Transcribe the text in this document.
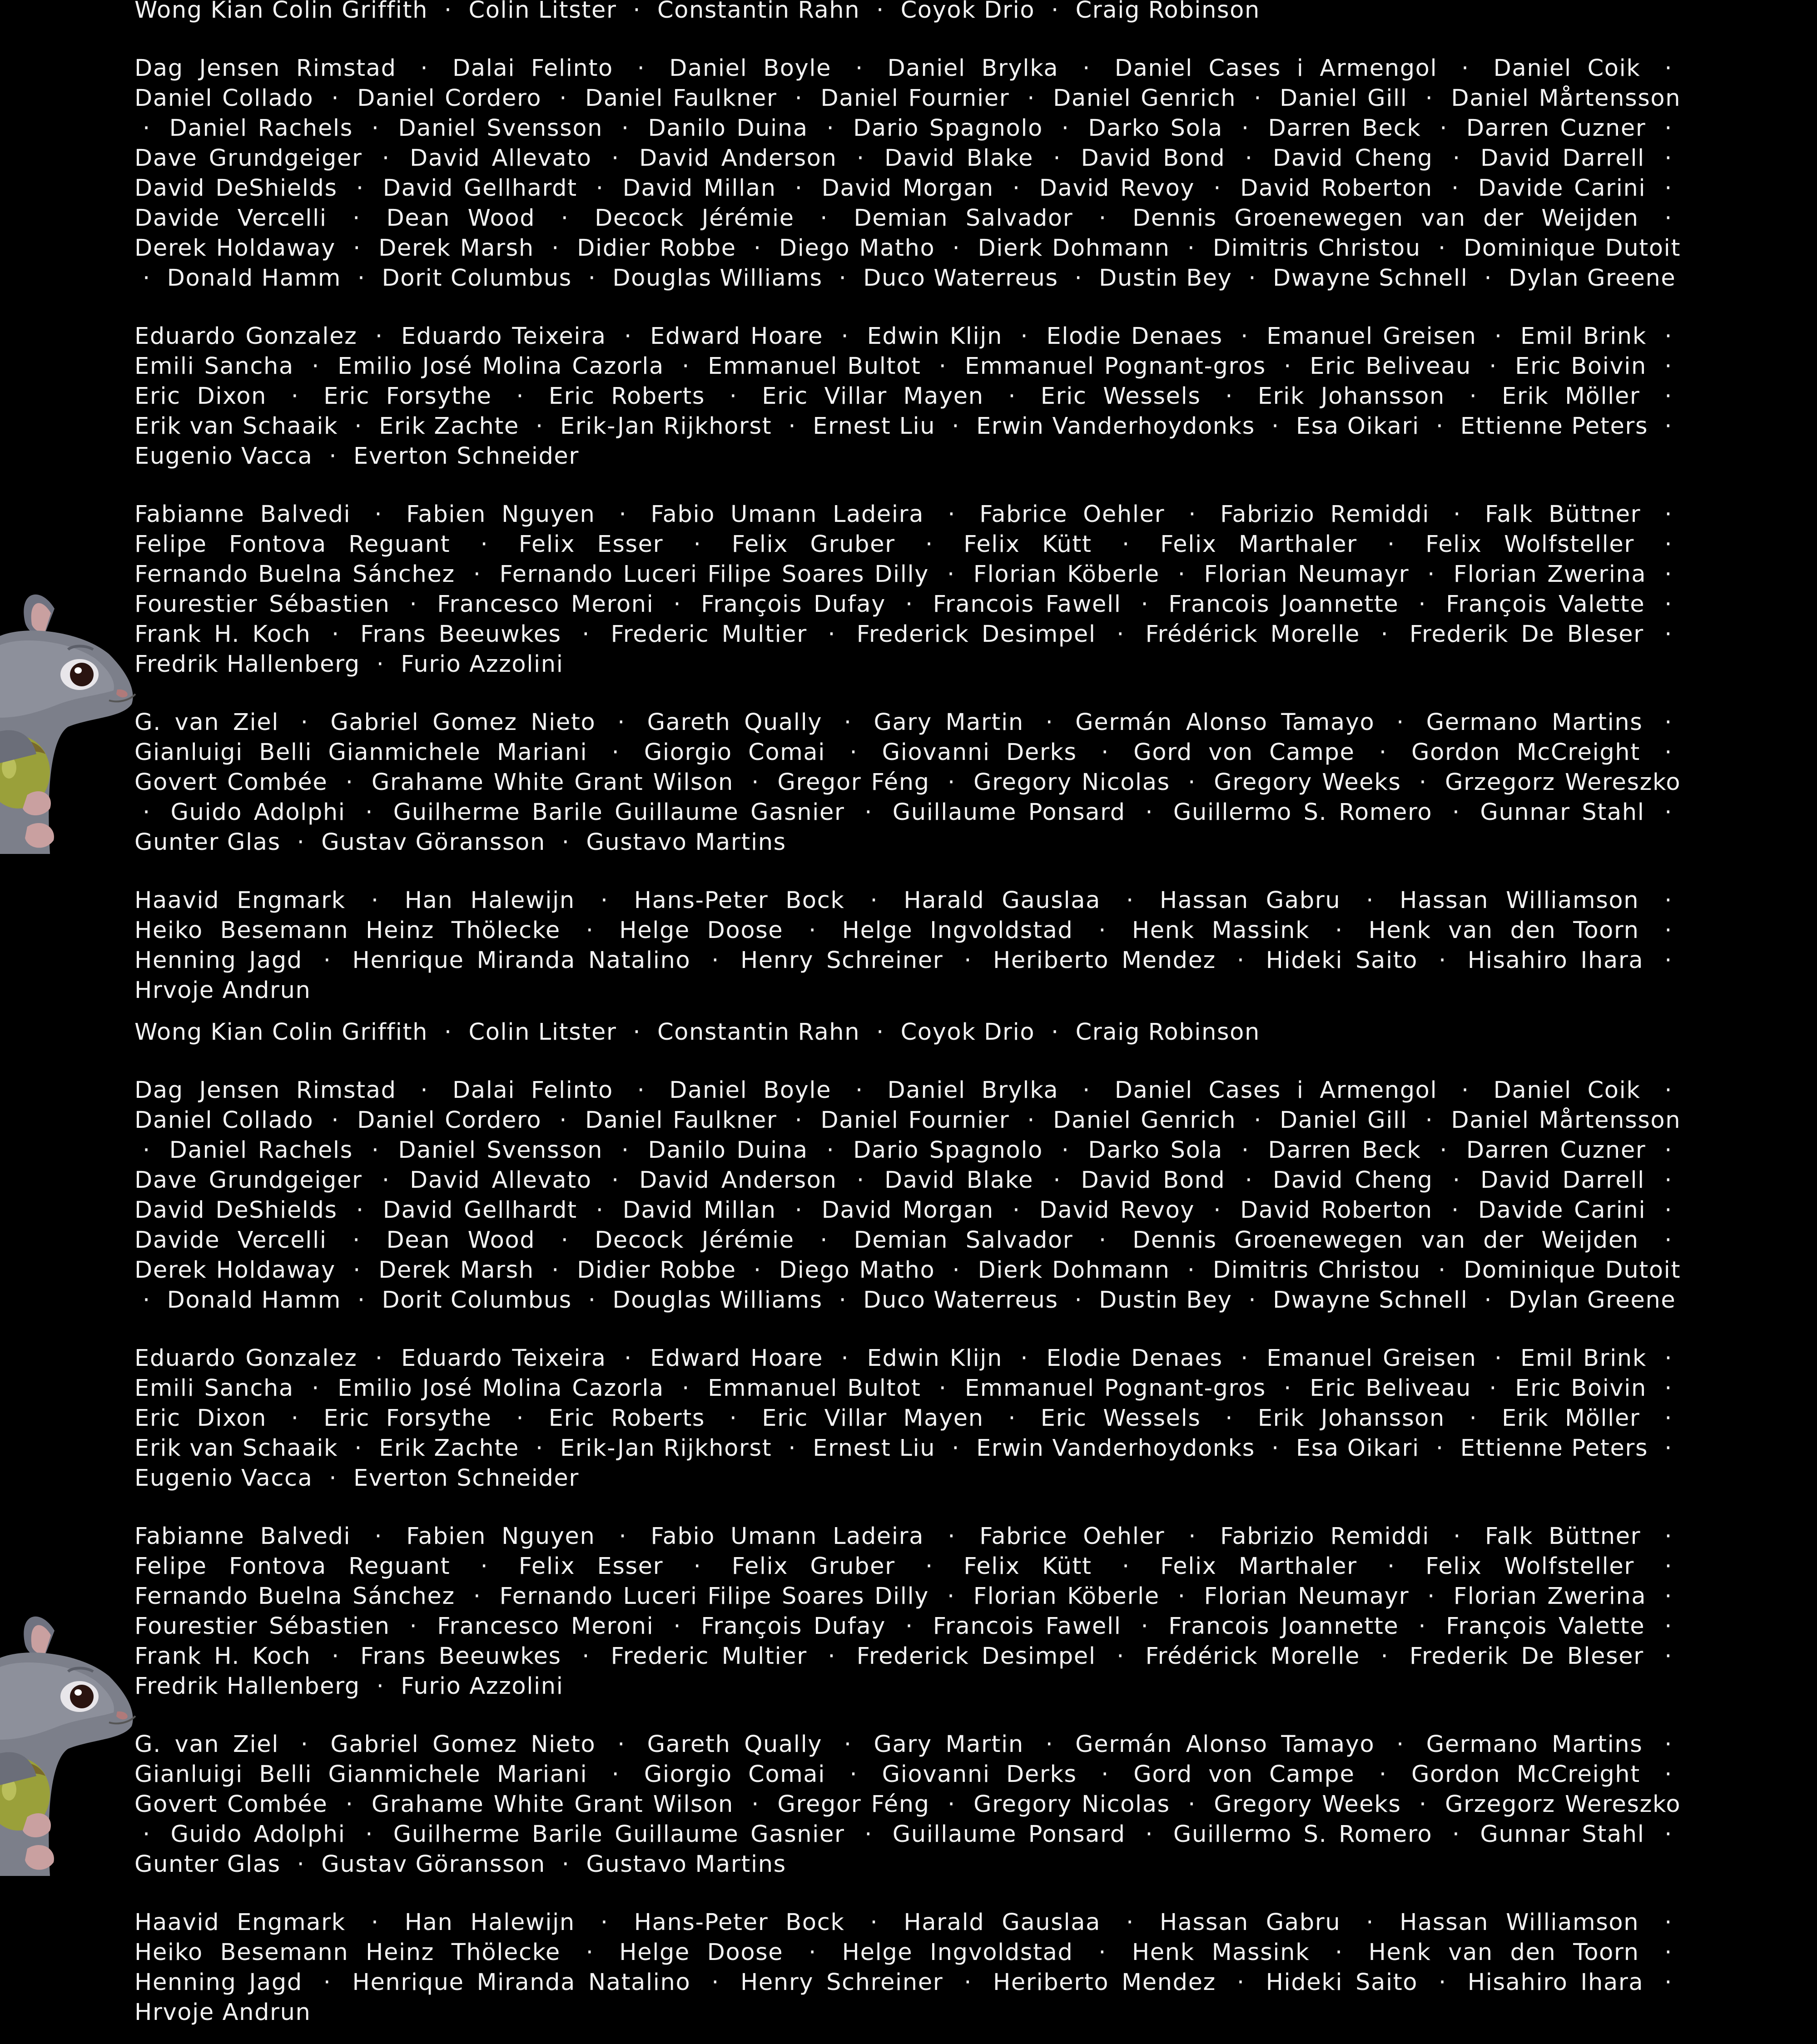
Wong Kian Colin Griffith · Colin Litster · Constantin Rahn · Coyok Drio · Craig Robinson

Dag Jensen Rimstad · Dalai Felinto · Daniel Boyle · Daniel Brylka · Daniel Cases i Armengol · Daniel Coik · Daniel Collado · Daniel Cordero · Daniel Faulkner · Daniel Fournier · Daniel Genrich · Daniel Gill · Daniel Mårtensson · Daniel Rachels · Daniel Svensson · Danilo Duina · Dario Spagnolo · Darko Sola · Darren Beck · Darren Cuzner · Dave Grundgeiger · David Allevato · David Anderson · David Blake · David Bond · David Cheng · David Darrell · David DeShields · David Gellhardt · David Millan · David Morgan · David Revoy · David Roberton · Davide Carini · Davide Vercelli · Dean Wood · Decock Jérémie · Demian Salvador · Dennis Groenewegen van der Weijden · Derek Holdaway · Derek Marsh · Didier Robbe · Diego Matho · Dierk Dohmann · Dimitris Christou · Dominique Dutoit · Donald Hamm · Dorit Columbus · Douglas Williams · Duco Waterreus · Dustin Bey · Dwayne Schnell · Dylan Greene

Eduardo Gonzalez · Eduardo Teixeira · Edward Hoare · Edwin Klijn · Elodie Denaes · Emanuel Greisen · Emil Brink · Emili Sancha · Emilio José Molina Cazorla · Emmanuel Bultot · Emmanuel Pognant-gros · Eric Beliveau · Eric Boivin · Eric Dixon · Eric Forsythe · Eric Roberts · Eric Villar Mayen · Eric Wessels · Erik Johansson · Erik Möller · Erik van Schaaik · Erik Zachte · Erik-Jan Rijkhorst · Ernest Liu · Erwin Vanderhoydonks · Esa Oikari · Ettienne Peters · Eugenio Vacca · Everton Schneider

Fabianne Balvedi · Fabien Nguyen · Fabio Umann Ladeira · Fabrice Oehler · Fabrizio Remiddi · Falk Büttner · Felipe Fontova Reguant · Felix Esser · Felix Gruber · Felix Kütt · Felix Marthaler · Felix Wolfsteller · Fernando Buelna Sánchez · Fernando Luceri Filipe Soares Dilly · Florian Köberle · Florian Neumayr · Florian Zwerina · Fourestier Sébastien · Francesco Meroni · François Dufay · Francois Fawell · Francois Joannette · François Valette · Frank H. Koch · Frans Beeuwkes · Frederic Multier · Frederick Desimpel · Frédérick Morelle · Frederik De Bleser · Fredrik Hallenberg · Furio Azzolini

G. van Ziel · Gabriel Gomez Nieto · Gareth Qually · Gary Martin · Germán Alonso Tamayo · Germano Martins · Gianluigi Belli Gianmichele Mariani · Giorgio Comai · Giovanni Derks · Gord von Campe · Gordon McCreight · Govert Combée · Grahame White Grant Wilson · Gregor Féng · Gregory Nicolas · Gregory Weeks · Grzegorz Wereszko · Guido Adolphi · Guilherme Barile Guillaume Gasnier · Guillaume Ponsard · Guillermo S. Romero · Gunnar Stahl · Gunter Glas · Gustav Göransson · Gustavo Martins

Haavid Engmark · Han Halewijn · Hans-Peter Bock · Harald Gauslaa · Hassan Gabru · Hassan Williamson · Heiko Besemann Heinz Thölecke · Helge Doose · Helge Ingvoldstad · Henk Massink · Henk van den Toorn · Henning Jagd · Henrique Miranda Natalino · Henry Schreiner · Heriberto Mendez · Hideki Saito · Hisahiro Ihara · Hrvoje Andrun

Wong Kian Colin Griffith · Colin Litster · Constantin Rahn · Coyok Drio · Craig Robinson

Dag Jensen Rimstad · Dalai Felinto · Daniel Boyle · Daniel Brylka · Daniel Cases i Armengol · Daniel Coik · Daniel Collado · Daniel Cordero · Daniel Faulkner · Daniel Fournier · Daniel Genrich · Daniel Gill · Daniel Mårtensson · Daniel Rachels · Daniel Svensson · Danilo Duina · Dario Spagnolo · Darko Sola · Darren Beck · Darren Cuzner · Dave Grundgeiger · David Allevato · David Anderson · David Blake · David Bond · David Cheng · David Darrell · David DeShields · David Gellhardt · David Millan · David Morgan · David Revoy · David Roberton · Davide Carini · Davide Vercelli · Dean Wood · Decock Jérémie · Demian Salvador · Dennis Groenewegen van der Weijden · Derek Holdaway · Derek Marsh · Didier Robbe · Diego Matho · Dierk Dohmann · Dimitris Christou · Dominique Dutoit · Donald Hamm · Dorit Columbus · Douglas Williams · Duco Waterreus · Dustin Bey · Dwayne Schnell · Dylan Greene

Eduardo Gonzalez · Eduardo Teixeira · Edward Hoare · Edwin Klijn · Elodie Denaes · Emanuel Greisen · Emil Brink · Emili Sancha · Emilio José Molina Cazorla · Emmanuel Bultot · Emmanuel Pognant-gros · Eric Beliveau · Eric Boivin · Eric Dixon · Eric Forsythe · Eric Roberts · Eric Villar Mayen · Eric Wessels · Erik Johansson · Erik Möller · Erik van Schaaik · Erik Zachte · Erik-Jan Rijkhorst · Ernest Liu · Erwin Vanderhoydonks · Esa Oikari · Ettienne Peters · Eugenio Vacca · Everton Schneider

Fabianne Balvedi · Fabien Nguyen · Fabio Umann Ladeira · Fabrice Oehler · Fabrizio Remiddi · Falk Büttner · Felipe Fontova Reguant · Felix Esser · Felix Gruber · Felix Kütt · Felix Marthaler · Felix Wolfsteller · Fernando Buelna Sánchez · Fernando Luceri Filipe Soares Dilly · Florian Köberle · Florian Neumayr · Florian Zwerina · Fourestier Sébastien · Francesco Meroni · François Dufay · Francois Fawell · Francois Joannette · François Valette · Frank H. Koch · Frans Beeuwkes · Frederic Multier · Frederick Desimpel · Frédérick Morelle · Frederik De Bleser · Fredrik Hallenberg · Furio Azzolini

G. van Ziel · Gabriel Gomez Nieto · Gareth Qually · Gary Martin · Germán Alonso Tamayo · Germano Martins · Gianluigi Belli Gianmichele Mariani · Giorgio Comai · Giovanni Derks · Gord von Campe · Gordon McCreight · Govert Combée · Grahame White Grant Wilson · Gregor Féng · Gregory Nicolas · Gregory Weeks · Grzegorz Wereszko · Guido Adolphi · Guilherme Barile Guillaume Gasnier · Guillaume Ponsard · Guillermo S. Romero · Gunnar Stahl · Gunter Glas · Gustav Göransson · Gustavo Martins

Haavid Engmark · Han Halewijn · Hans-Peter Bock · Harald Gauslaa · Hassan Gabru · Hassan Williamson · Heiko Besemann Heinz Thölecke · Helge Doose · Helge Ingvoldstad · Henk Massink · Henk van den Toorn · Henning Jagd · Henrique Miranda Natalino · Henry Schreiner · Heriberto Mendez · Hideki Saito · Hisahiro Ihara · Hrvoje Andrun
